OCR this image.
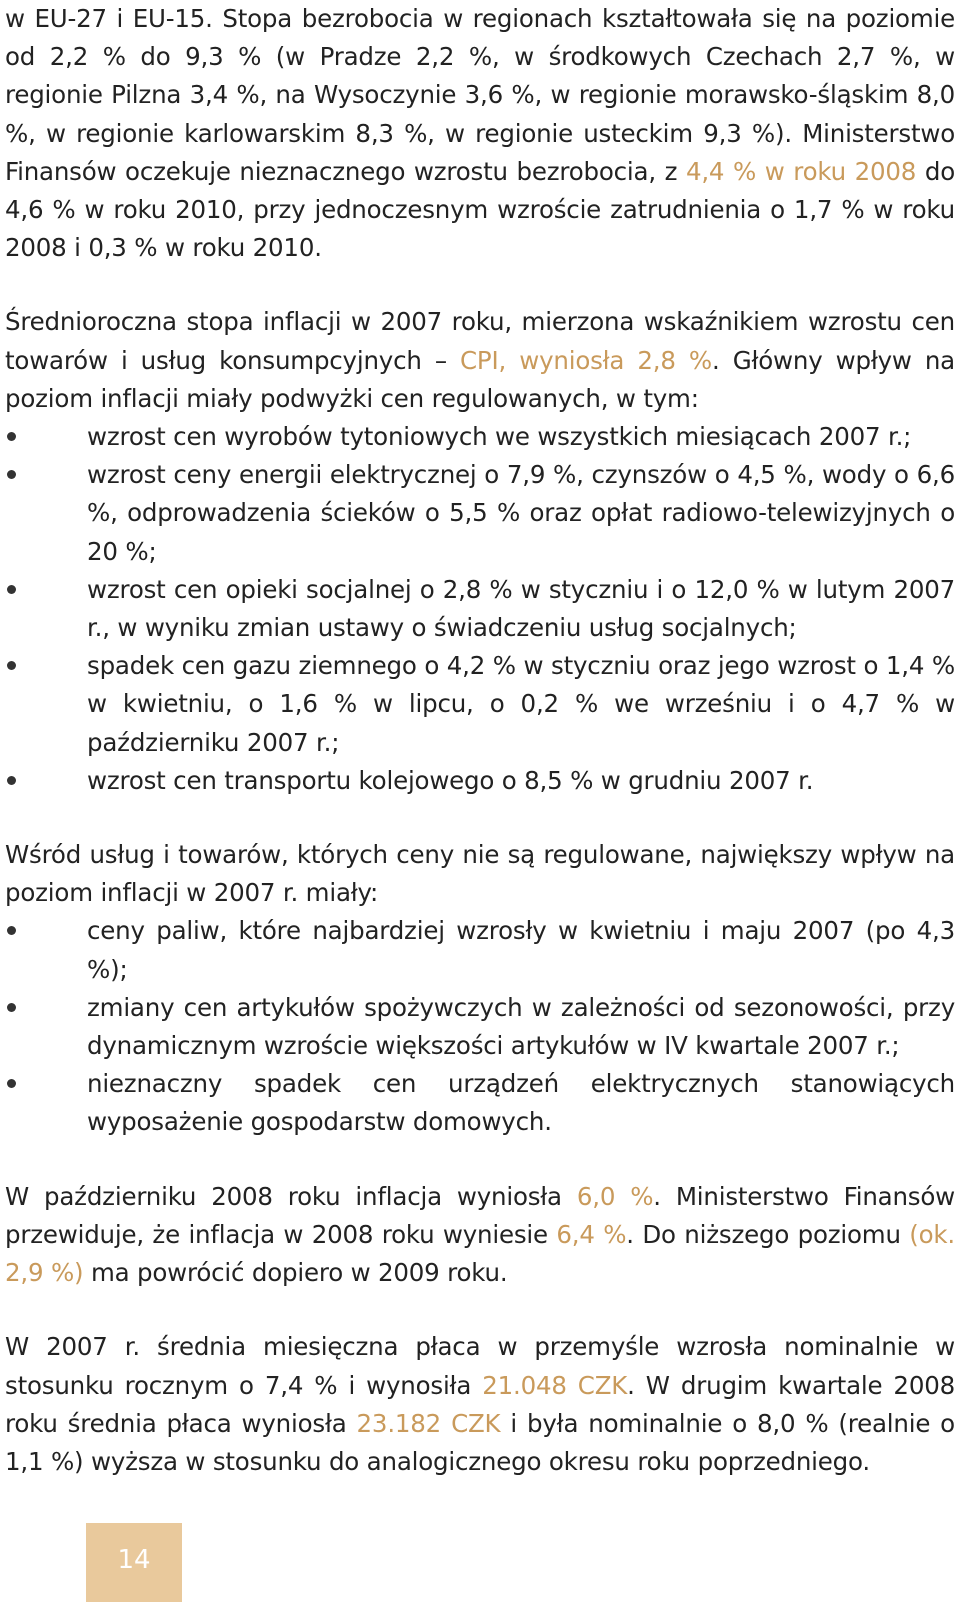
w EU-27 i EU-15. Stopa bezrobocia w regionach kształtowała się na poziomie od 2,2 % do 9,3 % (w Pradze 2,2 %, w środkowych Czechach 2,7 %, w regionie Pilzna 3,4 %, na Wysoczynie 3,6 %, w regionie morawsko-śląskim 8,0 %, w regionie karlowarskim 8,3 %, w regionie usteckim 9,3 %). Ministerstwo Finansów oczekuje nieznacznego wzrostu bezrobocia, z 4,4 % w roku 2008 do 4,6 % w roku 2010, przy jednoczesnym wzroście zatrudnienia o 1,7 % w roku 2008 i 0,3 % w roku 2010.

Średnioroczna stopa inflacji w 2007 roku, mierzona wskaźnikiem wzrostu cen towarów i usług konsumpcyjnych – CPI, wyniosła 2,8 %. Główny wpływ na poziom inflacji miały podwyżki cen regulowanych, w tym:

wzrost cen wyrobów tytoniowych we wszystkich miesiącach 2007 r.;
wzrost ceny energii elektrycznej o 7,9 %, czynszów o 4,5 %, wody o 6,6 %, odprowadzenia ścieków o 5,5 % oraz opłat radiowo-telewizyjnych o 20 %;
wzrost cen opieki socjalnej o 2,8 % w styczniu i o 12,0 % w lutym 2007 r., w wyniku zmian ustawy o świadczeniu usług socjalnych;
spadek cen gazu ziemnego o 4,2 % w styczniu oraz jego wzrost o 1,4 % w kwietniu, o 1,6 % w lipcu, o 0,2 % we wrześniu i o 4,7 % w październiku 2007 r.;
wzrost cen transportu kolejowego o 8,5 % w grudniu 2007 r.

Wśród usług i towarów, których ceny nie są regulowane, największy wpływ na poziom inflacji w 2007 r. miały:

ceny paliw, które najbardziej wzrosły w kwietniu i maju 2007 (po 4,3 %);
zmiany cen artykułów spożywczych w zależności od sezonowości, przy dynamicznym wzroście większości artykułów w IV kwartale 2007 r.;
nieznaczny spadek cen urządzeń elektrycznych stanowiących wyposażenie gospodarstw domowych.

W październiku 2008 roku inflacja wyniosła 6,0 %. Ministerstwo Finansów przewiduje, że inflacja w 2008 roku wyniesie 6,4 %. Do niższego poziomu (ok. 2,9 %) ma powrócić dopiero w 2009 roku.

W 2007 r. średnia miesięczna płaca w przemyśle wzrosła nominalnie w stosunku rocznym o 7,4 % i wynosiła 21.048 CZK. W drugim kwartale 2008 roku średnia płaca wyniosła 23.182 CZK i była nominalnie o 8,0 % (realnie o 1,1 %) wyższa w stosunku do analogicznego okresu roku poprzedniego.

14
